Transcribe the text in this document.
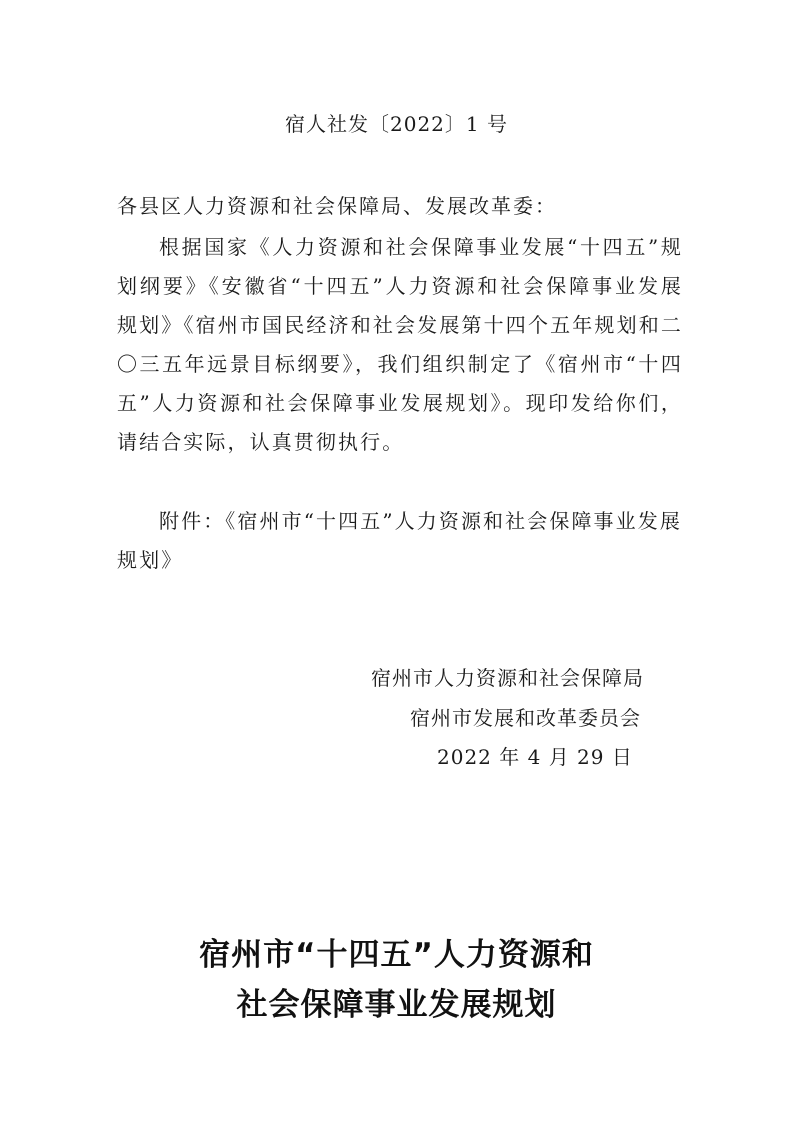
宿人社发〔2022〕1 号
各县区人力资源和社会保障局、发展改革委：
根据国家《人力资源和社会保障事业发展“十四五”规划纲要》《安徽省“十四五”人力资源和社会保障事业发展规划》《宿州市国民经济和社会发展第十四个五年规划和二〇三五年远景目标纲要》，我们组织制定了《宿州市“十四五”人力资源和社会保障事业发展规划》。现印发给你们，请结合实际，认真贯彻执行。
附件：《宿州市“十四五”人力资源和社会保障事业发展规划》
宿州市人力资源和社会保障局
宿州市发展和改革委员会
2022 年 4 月 29 日
宿州市“十四五”人力资源和
社会保障事业发展规划
